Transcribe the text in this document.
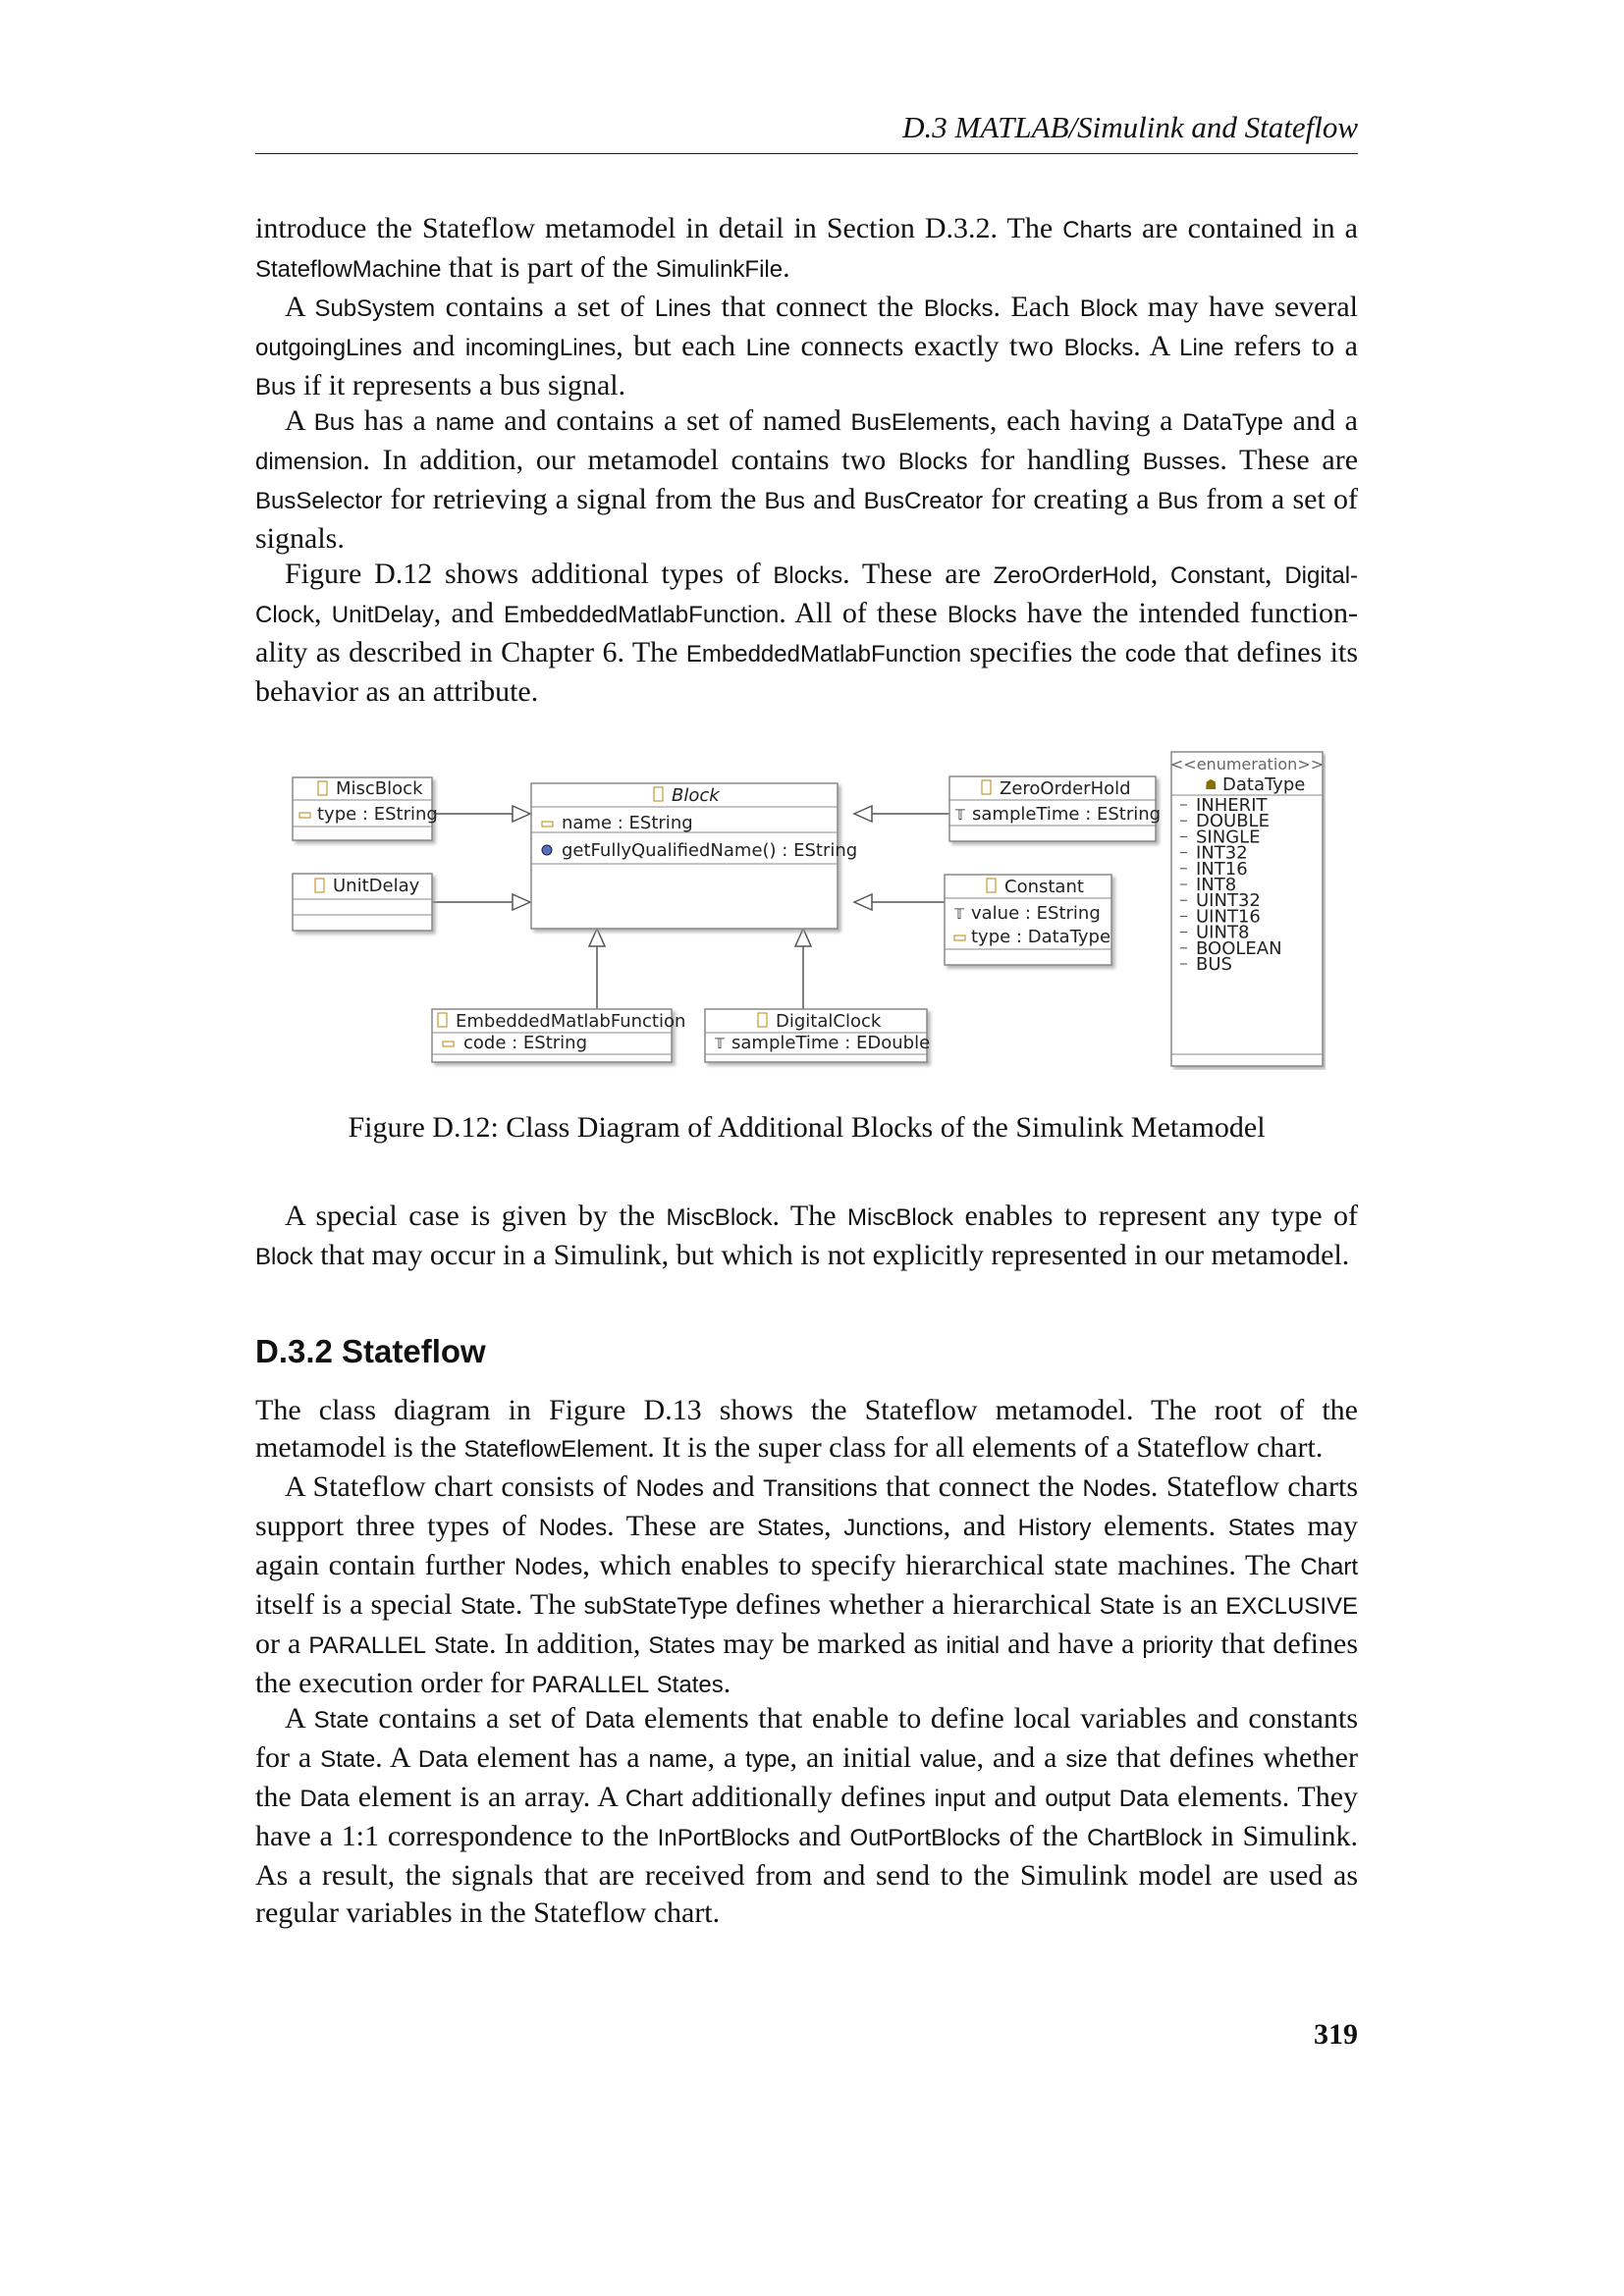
D.3 MATLAB/Simulink and Stateflow

introduce the Stateflow metamodel in detail in Section D.3.2. The Charts are contained in a StateflowMachine that is part of the SimulinkFile.

A SubSystem contains a set of Lines that connect the Blocks. Each Block may have several outgoingLines and incomingLines, but each Line connects exactly two Blocks. A Line refers to a Bus if it represents a bus signal.

A Bus has a name and contains a set of named BusElements, each having a DataType and a dimension. In addition, our metamodel contains two Blocks for handling Busses. These are BusSelector for retrieving a signal from the Bus and BusCreator for creating a Bus from a set of signals.

Figure D.12 shows additional types of Blocks. These are ZeroOrderHold, Constant, Digital-Clock, UnitDelay, and EmbeddedMatlabFunction. All of these Blocks have the intended function-ality as described in Chapter 6. The EmbeddedMatlabFunction specifies the code that defines its behavior as an attribute.

MiscBlock
type : EString
UnitDelay
Block
name : EString
getFullyQualifiedName() : EString
ZeroOrderHold
𝕋 sampleTime : EString
Constant
𝕋 value : EString
type : DataType
EmbeddedMatlabFunction
code : EString
DigitalClock
𝕋 sampleTime : EDouble
<<enumeration>>
☗ DataType
INHERIT
DOUBLE
SINGLE
INT32
INT16
INT8
UINT32
UINT16
UINT8
BOOLEAN
BUS
Figure D.12: Class Diagram of Additional Blocks of the Simulink Metamodel

A special case is given by the MiscBlock. The MiscBlock enables to represent any type of Block that may occur in a Simulink, but which is not explicitly represented in our metamodel.

D.3.2 Stateflow

The class diagram in Figure D.13 shows the Stateflow metamodel. The root of the metamodel is the StateflowElement. It is the super class for all elements of a Stateflow chart.

A Stateflow chart consists of Nodes and Transitions that connect the Nodes. Stateflow charts support three types of Nodes. These are States, Junctions, and History elements. States may again contain further Nodes, which enables to specify hierarchical state machines. The Chart itself is a special State. The subStateType defines whether a hierarchical State is an EXCLUSIVE or a PARALLEL State. In addition, States may be marked as initial and have a priority that defines the execution order for PARALLEL States.

A State contains a set of Data elements that enable to define local variables and constants for a State. A Data element has a name, a type, an initial value, and a size that defines whether the Data element is an array. A Chart additionally defines input and output Data elements. They have a 1:1 correspondence to the InPortBlocks and OutPortBlocks of the ChartBlock in Simulink. As a result, the signals that are received from and send to the Simulink model are used as regular variables in the Stateflow chart.

319
